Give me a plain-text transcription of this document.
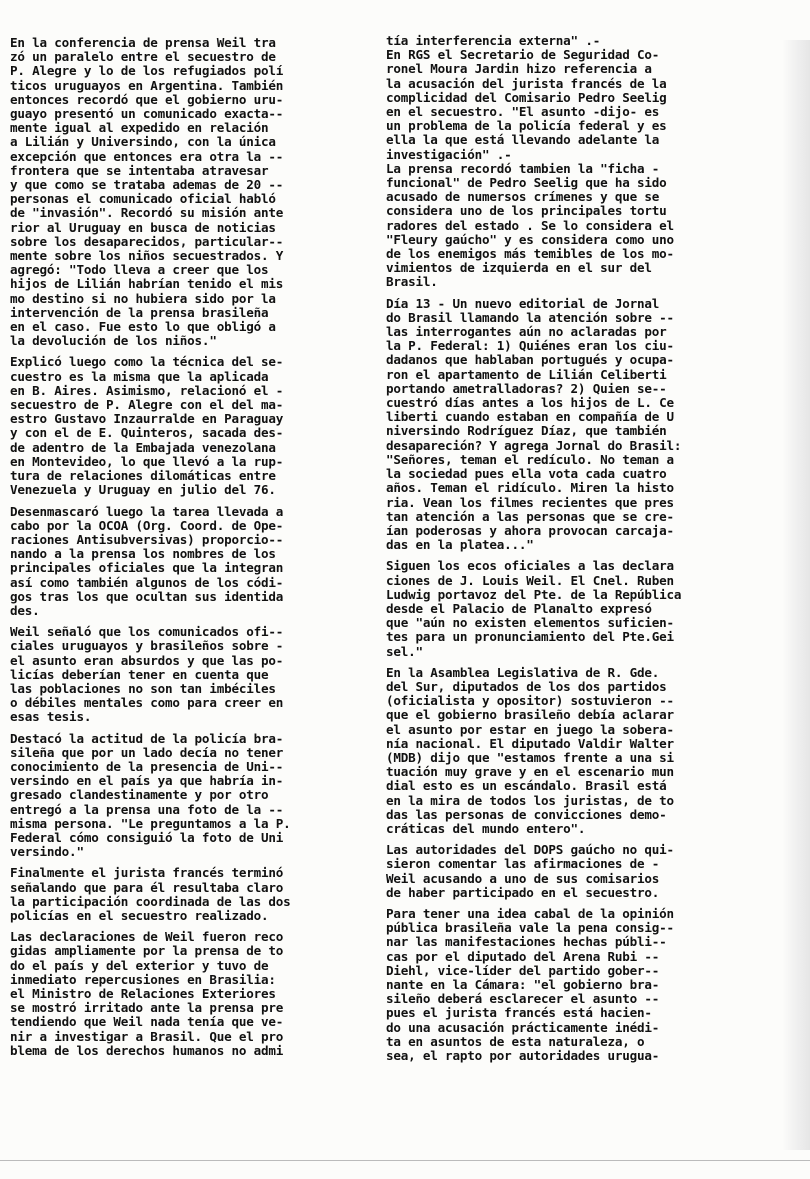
En la conferencia de prensa Weil tra
zó un paralelo entre el secuestro de
P. Alegre y lo de los refugiados polí
ticos uruguayos en Argentina. También
entonces recordó que el gobierno uru-
guayo presentó un comunicado exacta--
mente igual al expedido en relación
a Lilián y Universindo, con la única
excepción que entonces era otra la --
frontera que se intentaba atravesar
y que como se trataba ademas de 20 --
personas el comunicado oficial habló
de "invasión". Recordó su misión ante
rior al Uruguay en busca de noticias
sobre los desaparecidos, particular--
mente sobre los niños secuestrados. Y
agregó: "Todo lleva a creer que los
hijos de Lilián habrían tenido el mis
mo destino si no hubiera sido por la
intervención de la prensa brasileña
en el caso. Fue esto lo que obligó a
la devolución de los niños."

Explicó luego como la técnica del se-
cuestro es la misma que la aplicada
en B. Aires. Asimismo, relacionó el -
secuestro de P. Alegre con el del ma-
estro Gustavo Inzaurralde en Paraguay
y con el de E. Quinteros, sacada des-
de adentro de la Embajada venezolana
en Montevideo, lo que llevó a la rup-
tura de relaciones dilomáticas entre
Venezuela y Uruguay en julio del 76.

Desenmascaró luego la tarea llevada a
cabo por la OCOA (Org. Coord. de Ope-
raciones Antisubversivas) proporcio--
nando a la prensa los nombres de los
principales oficiales que la integran
así como también algunos de los códi-
gos tras los que ocultan sus identida
des.

Weil señaló que los comunicados ofi--
ciales uruguayos y brasileños sobre -
el asunto eran absurdos y que las po-
licías deberían tener en cuenta que
las poblaciones no son tan imbéciles
o débiles mentales como para creer en
esas tesis.

Destacó la actitud de la policía bra-
sileña que por un lado decía no tener
conocimiento de la presencia de Uni--
versindo en el país ya que habría in-
gresado clandestinamente y por otro
entregó a la prensa una foto de la --
misma persona. "Le preguntamos a la P.
Federal cómo consiguió la foto de Uni
versindo."

Finalmente el jurista francés terminó
señalando que para él resultaba claro
la participación coordinada de las dos
policías en el secuestro realizado.

Las declaraciones de Weil fueron reco
gidas ampliamente por la prensa de to
do el país y del exterior y tuvo de
inmediato repercusiones en Brasilia:
el Ministro de Relaciones Exteriores
se mostró irritado ante la prensa pre
tendiendo que Weil nada tenía que ve-
nir a investigar a Brasil. Que el pro
blema de los derechos humanos no admi

tía interferencia externa" .-
En RGS el Secretario de Seguridad Co-
ronel Moura Jardin hizo referencia a
la acusación del jurista francés de la
complicidad del Comisario Pedro Seelig
en el secuestro. "El asunto -dijo- es
un problema de la policía federal y es
ella la que está llevando adelante la
investigación" .-
La prensa recordó tambien la "ficha -
funcional" de Pedro Seelig que ha sido
acusado de numersos crímenes y que se
considera uno de los principales tortu
radores del estado . Se lo considera el
"Fleury gaúcho" y es considera como uno
de los enemigos más temibles de los mo-
vimientos de izquierda en el sur del
Brasil.

Día 13 - Un nuevo editorial de Jornal
do Brasil llamando la atención sobre --
las interrogantes aún no aclaradas por
la P. Federal: 1) Quiénes eran los ciu-
dadanos que hablaban portugués y ocupa-
ron el apartamento de Lilián Celiberti
portando ametralladoras? 2) Quien se--
cuestró días antes a los hijos de L. Ce
liberti cuando estaban en compañía de U
niversindo Rodríguez Díaz, que también
desapareción? Y agrega Jornal do Brasil:
"Señores, teman el redículo. No teman a
la sociedad pues ella vota cada cuatro
años. Teman el ridículo. Miren la histo
ria. Vean los filmes recientes que pres
tan atención a las personas que se cre-
ían poderosas y ahora provocan carcaja-
das en la platea..."

Siguen los ecos oficiales a las declara
ciones de J. Louis Weil. El Cnel. Ruben
Ludwig portavoz del Pte. de la República
desde el Palacio de Planalto expresó
que "aún no existen elementos suficien-
tes para un pronunciamiento del Pte.Gei
sel."

En la Asamblea Legislativa de R. Gde.
del Sur, diputados de los dos partidos
(oficialista y opositor) sostuvieron --
que el gobierno brasileño debía aclarar
el asunto por estar en juego la sobera-
nía nacional. El diputado Valdir Walter
(MDB) dijo que "estamos frente a una si
tuación muy grave y en el escenario mun
dial esto es un escándalo. Brasil está
en la mira de todos los juristas, de to
das las personas de convicciones demo-
cráticas del mundo entero".

Las autoridades del DOPS gaúcho no qui-
sieron comentar las afirmaciones de -
Weil acusando a uno de sus comisarios
de haber participado en el secuestro.

Para tener una idea cabal de la opinión
pública brasileña vale la pena consig--
nar las manifestaciones hechas públi--
cas por el diputado del Arena Rubi --
Diehl, vice-líder del partido gober--
nante en la Cámara: "el gobierno bra-
sileño deberá esclarecer el asunto --
pues el jurista francés está hacien-
do una acusación prácticamente inédi-
ta en asuntos de esta naturaleza, o
sea, el rapto por autoridades urugua-
